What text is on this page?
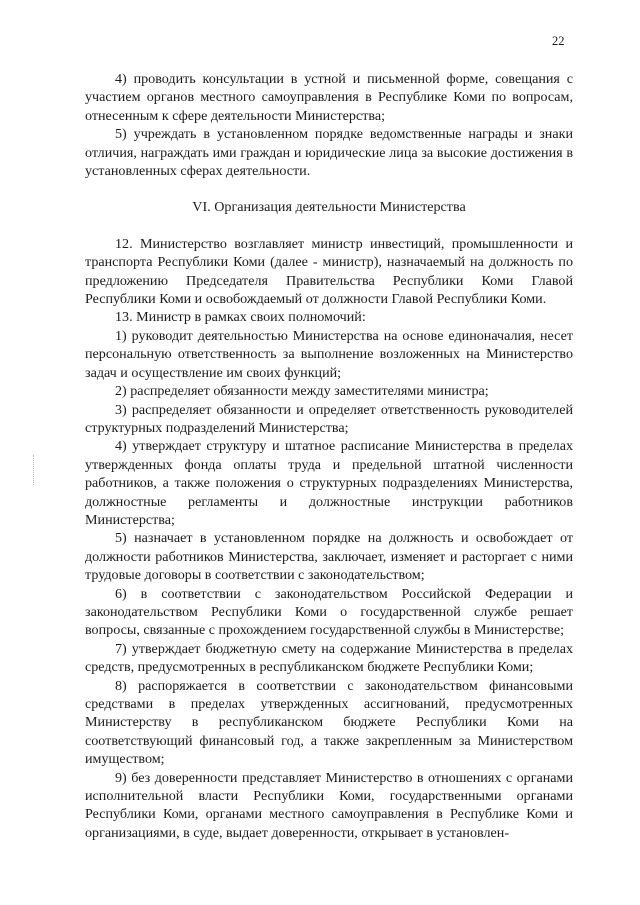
22

4) проводить консультации в устной и письменной форме, совещания с участием органов местного самоуправления в Республике Коми по вопросам, отнесенным к сфере деятельности Министерства;

5) учреждать в установленном порядке ведомственные награды и знаки отличия, награждать ими граждан и юридические лица за высокие достижения в установленных сферах деятельности.

VI. Организация деятельности Министерства

12. Министерство возглавляет министр инвестиций, промышленности и транспорта Республики Коми (далее - министр), назначаемый на должность по предложению Председателя Правительства Республики Коми Главой Республики Коми и освобождаемый от должности Главой Республики Коми.

13. Министр в рамках своих полномочий:

1) руководит деятельностью Министерства на основе единоначалия, несет персональную ответственность за выполнение возложенных на Министерство задач и осуществление им своих функций;

2) распределяет обязанности между заместителями министра;

3) распределяет обязанности и определяет ответственность руководителей структурных подразделений Министерства;

4) утверждает структуру и штатное расписание Министерства в пределах утвержденных фонда оплаты труда и предельной штатной численности работников, а также положения о структурных подразделениях Министерства, должностные регламенты и должностные инструкции работников Министерства;

5) назначает в установленном порядке на должность и освобождает от должности работников Министерства, заключает, изменяет и расторгает с ними трудовые договоры в соответствии с законодательством;

6) в соответствии с законодательством Российской Федерации и законодательством Республики Коми о государственной службе решает вопросы, связанные с прохождением государственной службы в Министерстве;

7) утверждает бюджетную смету на содержание Министерства в пределах средств, предусмотренных в республиканском бюджете Республики Коми;

8) распоряжается в соответствии с законодательством финансовыми средствами в пределах утвержденных ассигнований, предусмотренных Министерству в республиканском бюджете Республики Коми на соответствующий финансовый год, а также закрепленным за Министерством имуществом;

9) без доверенности представляет Министерство в отношениях с органами исполнительной власти Республики Коми, государственными органами Республики Коми, органами местного самоуправления в Республике Коми и организациями, в суде, выдает доверенности, открывает в установлен-
